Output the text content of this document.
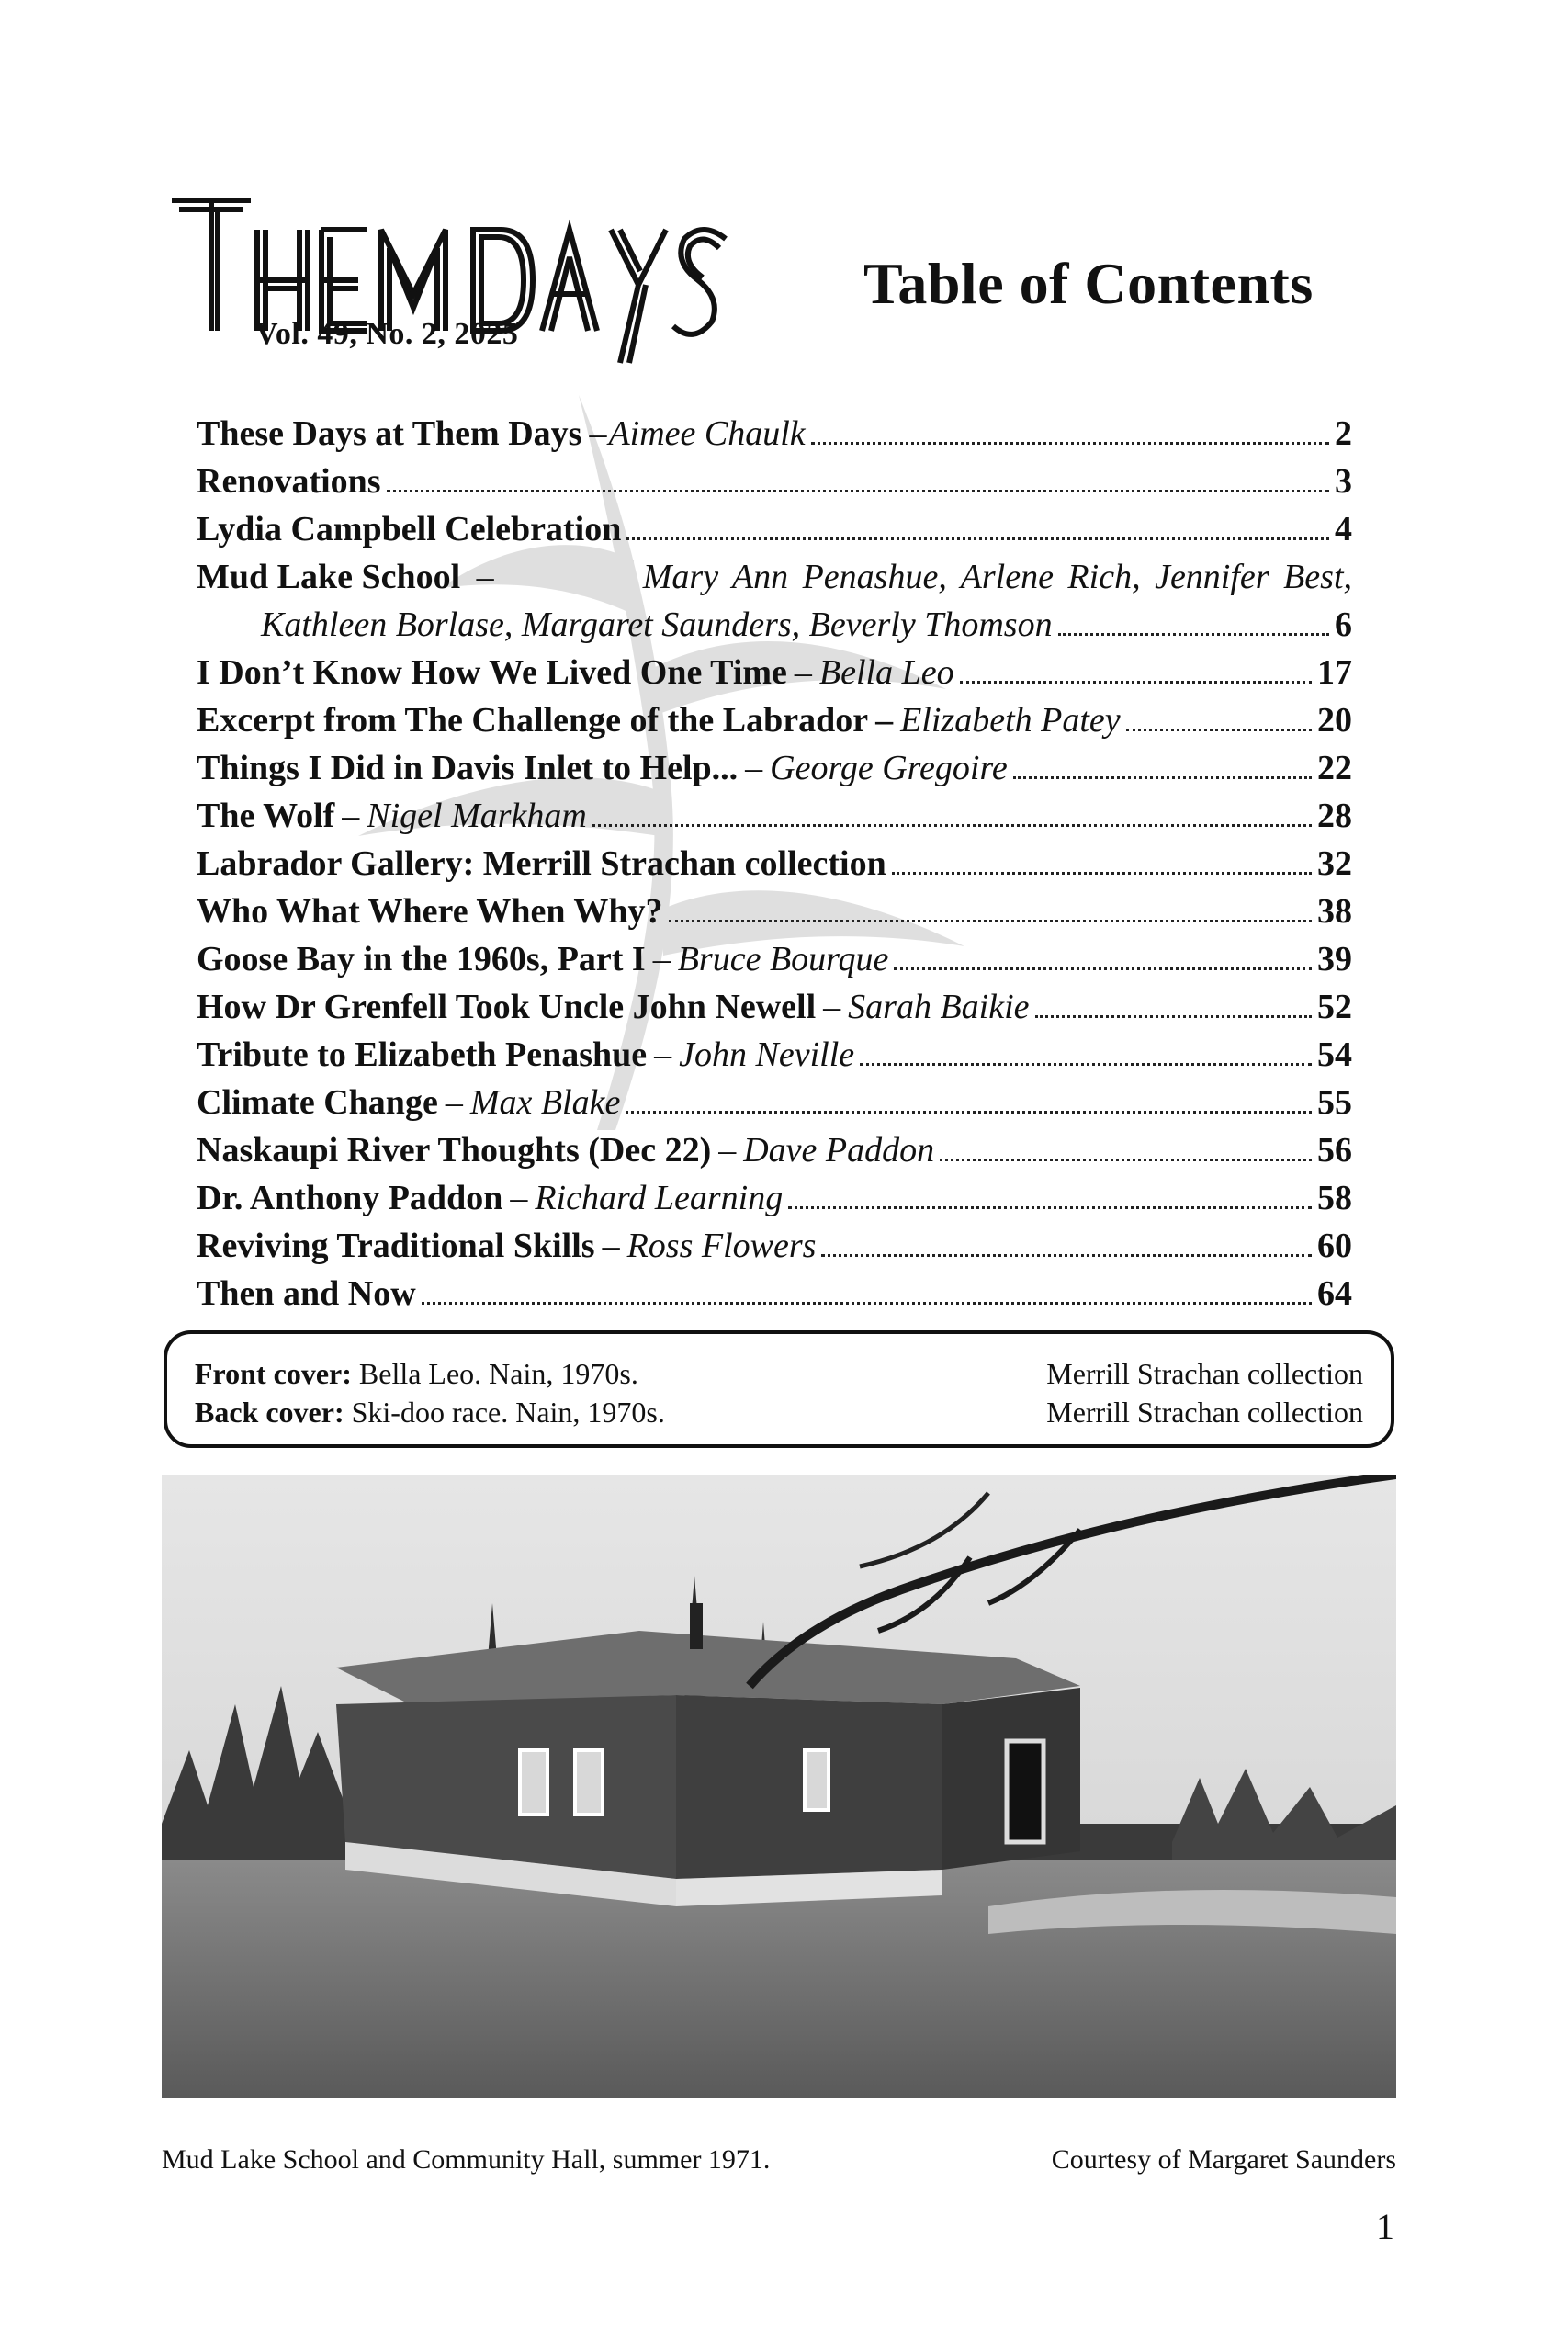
Vol. 49, No. 2, 2025
Table of Contents
These Days at Them Days – Aimee Chaulk	2
Renovations	3
Lydia Campbell Celebration	4
Mud Lake School –	Mary Ann Penashue, Arlene Rich, Jennifer Best,
Kathleen Borlase, Margaret Saunders, Beverly Thomson	6
I Don’t Know How We Lived One Time – Bella Leo	17
Excerpt from The Challenge of the Labrador – Elizabeth Patey	20
Things I Did in Davis Inlet to Help... – George Gregoire	22
The Wolf – Nigel Markham	28
Labrador Gallery: Merrill Strachan collection	32
Who What Where When Why?	38
Goose Bay in the 1960s, Part I – Bruce Bourque	39
How Dr Grenfell Took Uncle John Newell – Sarah Baikie	52
Tribute to Elizabeth Penashue – John Neville	54
Climate Change – Max Blake	55
Naskaupi River Thoughts (Dec 22) – Dave Paddon	56
Dr. Anthony Paddon – Richard Learning	58
Reviving Traditional Skills – Ross Flowers	60
Then and Now	64
Front cover: Bella Leo. Nain, 1970s.	Merrill Strachan collection
Back cover: Ski-doo race. Nain, 1970s.	Merrill Strachan collection
Mud Lake School and Community Hall, summer 1971.	Courtesy of Margaret Saunders
1
